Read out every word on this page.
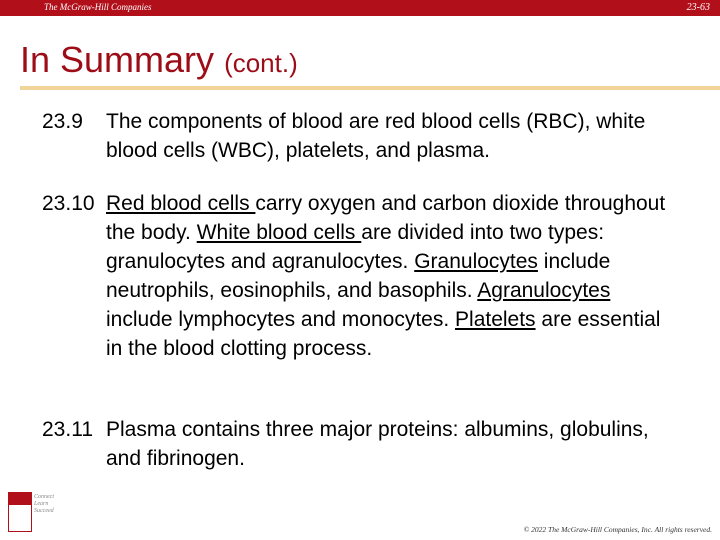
The McGraw-Hill Companies	23-63
In Summary (cont.)
23.9 The components of blood are red blood cells (RBC), white blood cells (WBC), platelets, and plasma.
23.10 Red blood cells carry oxygen and carbon dioxide throughout the body. White blood cells are divided into two types: granulocytes and agranulocytes. Granulocytes include neutrophils, eosinophils, and basophils. Agranulocytes include lymphocytes and monocytes. Platelets are essential in the blood clotting process.
23.11 Plasma contains three major proteins: albumins, globulins, and fibrinogen.
Connect Learn Succeed
© 2022 The McGraw-Hill Companies, Inc. All rights reserved.
